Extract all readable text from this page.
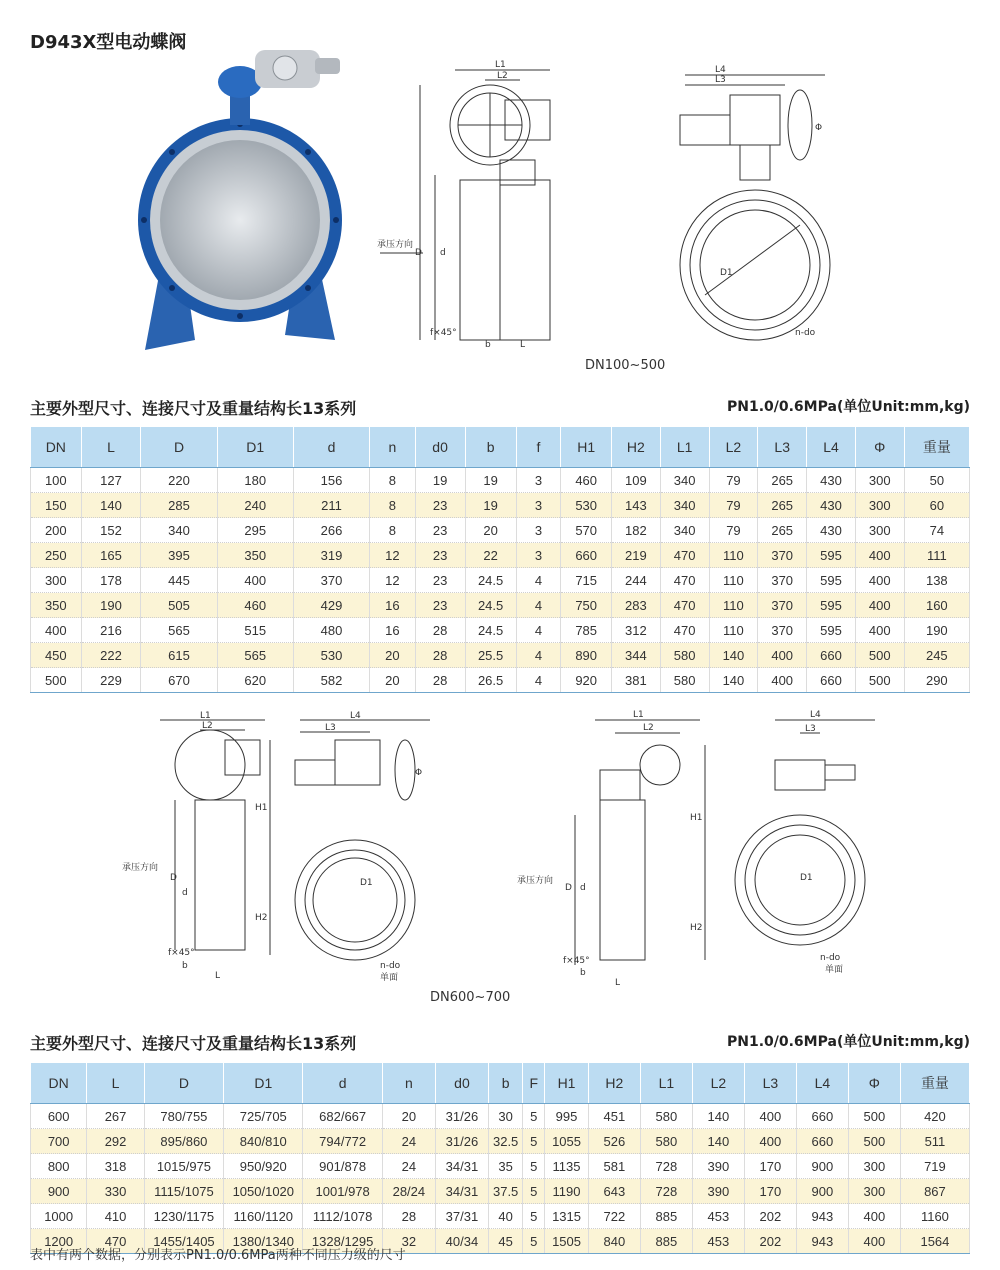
D943X型电动蝶阀
L1
L2
D d
f×45°
b	L
承压方向
L4
L3
Φ
D1
n-do
DN100~500
主要外型尺寸、连接尺寸及重量结构长13系列	PN1.0/0.6MPa(单位Unit:mm,kg)
DN	L	D	D1	d	n	d0	b	f	H1	H2	L1	L2	L3	L4	Φ	重量
100	127	220	180	156	8	19	19	3	460	109	340	79	265	430	300	50
150	140	285	240	211	8	23	19	3	530	143	340	79	265	430	300	60
200	152	340	295	266	8	23	20	3	570	182	340	79	265	430	300	74
250	165	395	350	319	12	23	22	3	660	219	470	110	370	595	400	111
300	178	445	400	370	12	23	24.5	4	715	244	470	110	370	595	400	138
350	190	505	460	429	16	23	24.5	4	750	283	470	110	370	595	400	160
400	216	565	515	480	16	28	24.5	4	785	312	470	110	370	595	400	190
450	222	615	565	530	20	28	25.5	4	890	344	580	140	400	660	500	245
500	229	670	620	582	20	28	26.5	4	920	381	580	140	400	660	500	290
L1
L2
H1
H2
D
d
f×45°
b
L
承压方向
L4
L3
Φ
D1
n-do
单面
L1
L2
H1
H2
D d
f×45°
b
L
承压方向
L4
L3
D1
n-do
单面
DN600~700
主要外型尺寸、连接尺寸及重量结构长13系列	PN1.0/0.6MPa(单位Unit:mm,kg)
DN	L	D	D1	d	n	d0	b	F	H1	H2	L1	L2	L3	L4	Φ	重量
600	267	780/755	725/705	682/667	20	31/26	30	5	995	451	580	140	400	660	500	420
700	292	895/860	840/810	794/772	24	31/26	32.5	5	1055	526	580	140	400	660	500	511
800	318	1015/975	950/920	901/878	24	34/31	35	5	1135	581	728	390	170	900	300	719
900	330	1115/1075	1050/1020	1001/978	28/24	34/31	37.5	5	1190	643	728	390	170	900	300	867
1000	410	1230/1175	1160/1120	1112/1078	28	37/31	40	5	1315	722	885	453	202	943	400	1160
1200	470	1455/1405	1380/1340	1328/1295	32	40/34	45	5	1505	840	885	453	202	943	400	1564
表中有两个数据，分别表示PN1.0/0.6MPa两种不同压力级的尺寸
